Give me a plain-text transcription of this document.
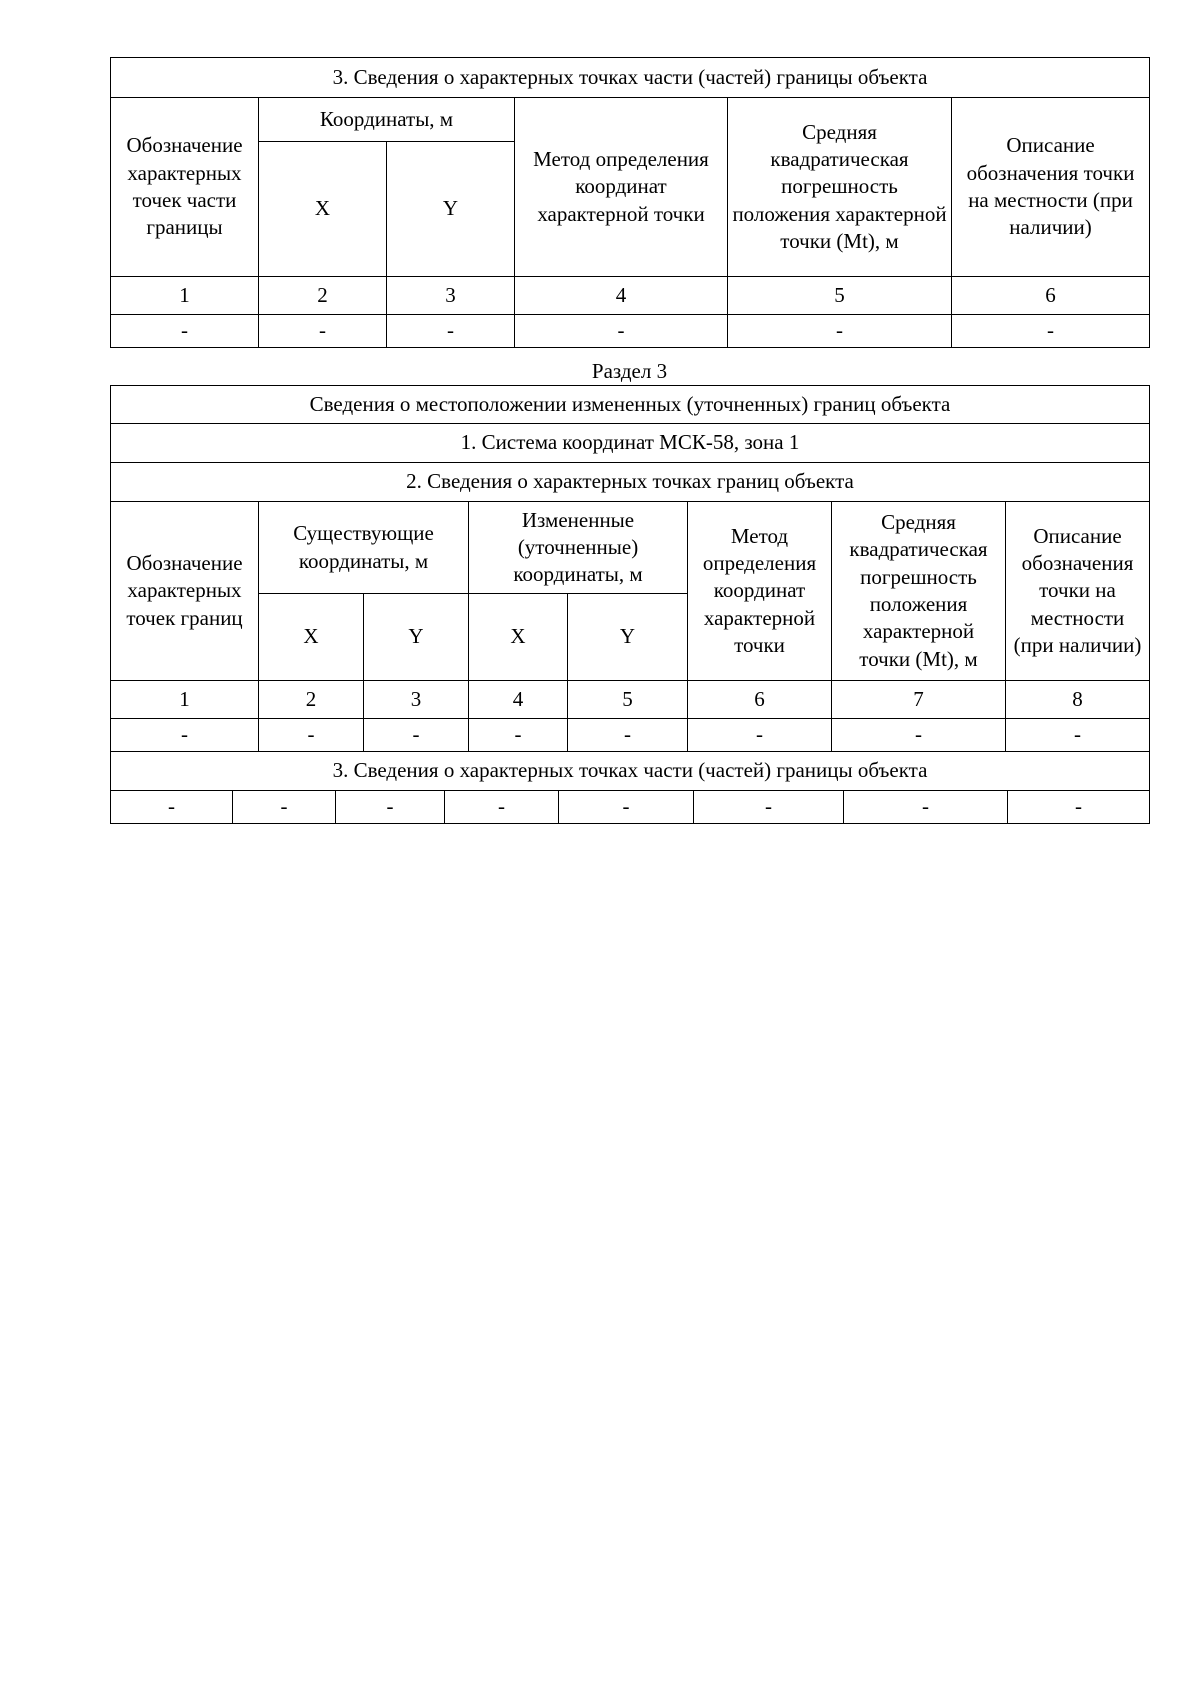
3. Сведения о характерных точках части (частей) границы объекта					
Обозначение характерных точек части границы	Координаты, м		Метод определения координат характерной точки	Средняя квадратическая погрешность положения характерной точки (Mt), м	Описание обозначения точки на местности (при наличии)
	X	Y			
1	2	3	4	5	6
-	-	-	-	-	-
Раздел 3
Сведения о местоположении измененных (уточненных) границ объекта							
1. Система координат МСК-58, зона 1							
2. Сведения о характерных точках границ объекта							
Обозначение характерных точек границ	Существующие координаты, м		Измененные (уточненные) координаты, м		Метод определения координат характерной точки	Средняя квадратическая погрешность положения характерной точки (Mt), м	Описание обозначения точки на местности (при наличии)
	X	Y	X	Y			
1	2	3	4	5	6	7	8
-	-	-	-	-	-	-	-
3. Сведения о характерных точках части (частей) границы объекта							
-	-	-	-	-	-	-	-
